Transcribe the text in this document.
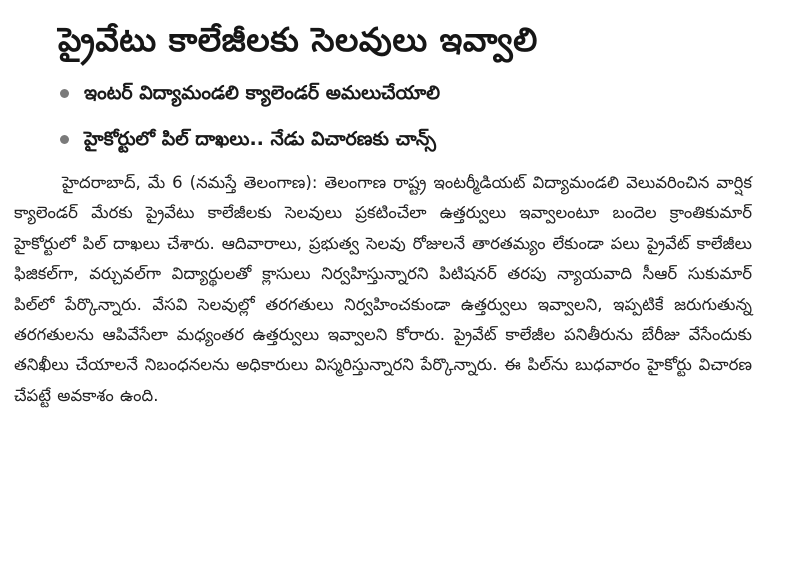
ప్రైవేటు కాలేజీలకు సెలవులు ఇవ్వాలి
ఇంటర్ విద్యామండలి క్యాలెండర్ అమలుచేయాలి
హైకోర్టులో పిల్ దాఖలు.. నేడు విచారణకు చాన్స్

హైదరాబాద్, మే 6 (నమస్తే తెలంగాణ): తెలంగాణ రాష్ట్ర ఇంటర్మీడియట్ విద్యామండలి వెలువరించిన వార్షిక క్యాలెండర్ మేరకు ప్రైవేటు కాలేజీలకు సెలవులు ప్రకటించేలా ఉత్తర్వులు ఇవ్వాలంటూ బందెల క్రాంతికుమార్ హైకోర్టులో పిల్ దాఖలు చేశారు. ఆదివారాలు, ప్రభుత్వ సెలవు రోజులనే తారతమ్యం లేకుండా పలు ప్రైవేట్ కాలేజీలు ఫిజికల్‌గా, వర్చువల్‌గా విద్యార్థులతో క్లాసులు నిర్వహిస్తున్నారని పిటిషనర్ తరపు న్యాయవాది సీఆర్ సుకుమార్ పిల్‌లో పేర్కొన్నారు. వేసవి సెలవుల్లో తరగతులు నిర్వహించకుండా ఉత్తర్వులు ఇవ్వాలని, ఇప్పటికే జరుగుతున్న తరగతులను ఆపివేసేలా మధ్యంతర ఉత్తర్వులు ఇవ్వాలని కోరారు. ప్రైవేట్ కాలేజీల పనితీరును బేరీజు వేసేందుకు తనిఖీలు చేయాలనే నిబంధనలను అధికారులు విస్మరిస్తున్నారని పేర్కొన్నారు. ఈ పిల్‌ను బుధవారం హైకోర్టు విచారణ చేపట్టే అవకాశం ఉంది.
